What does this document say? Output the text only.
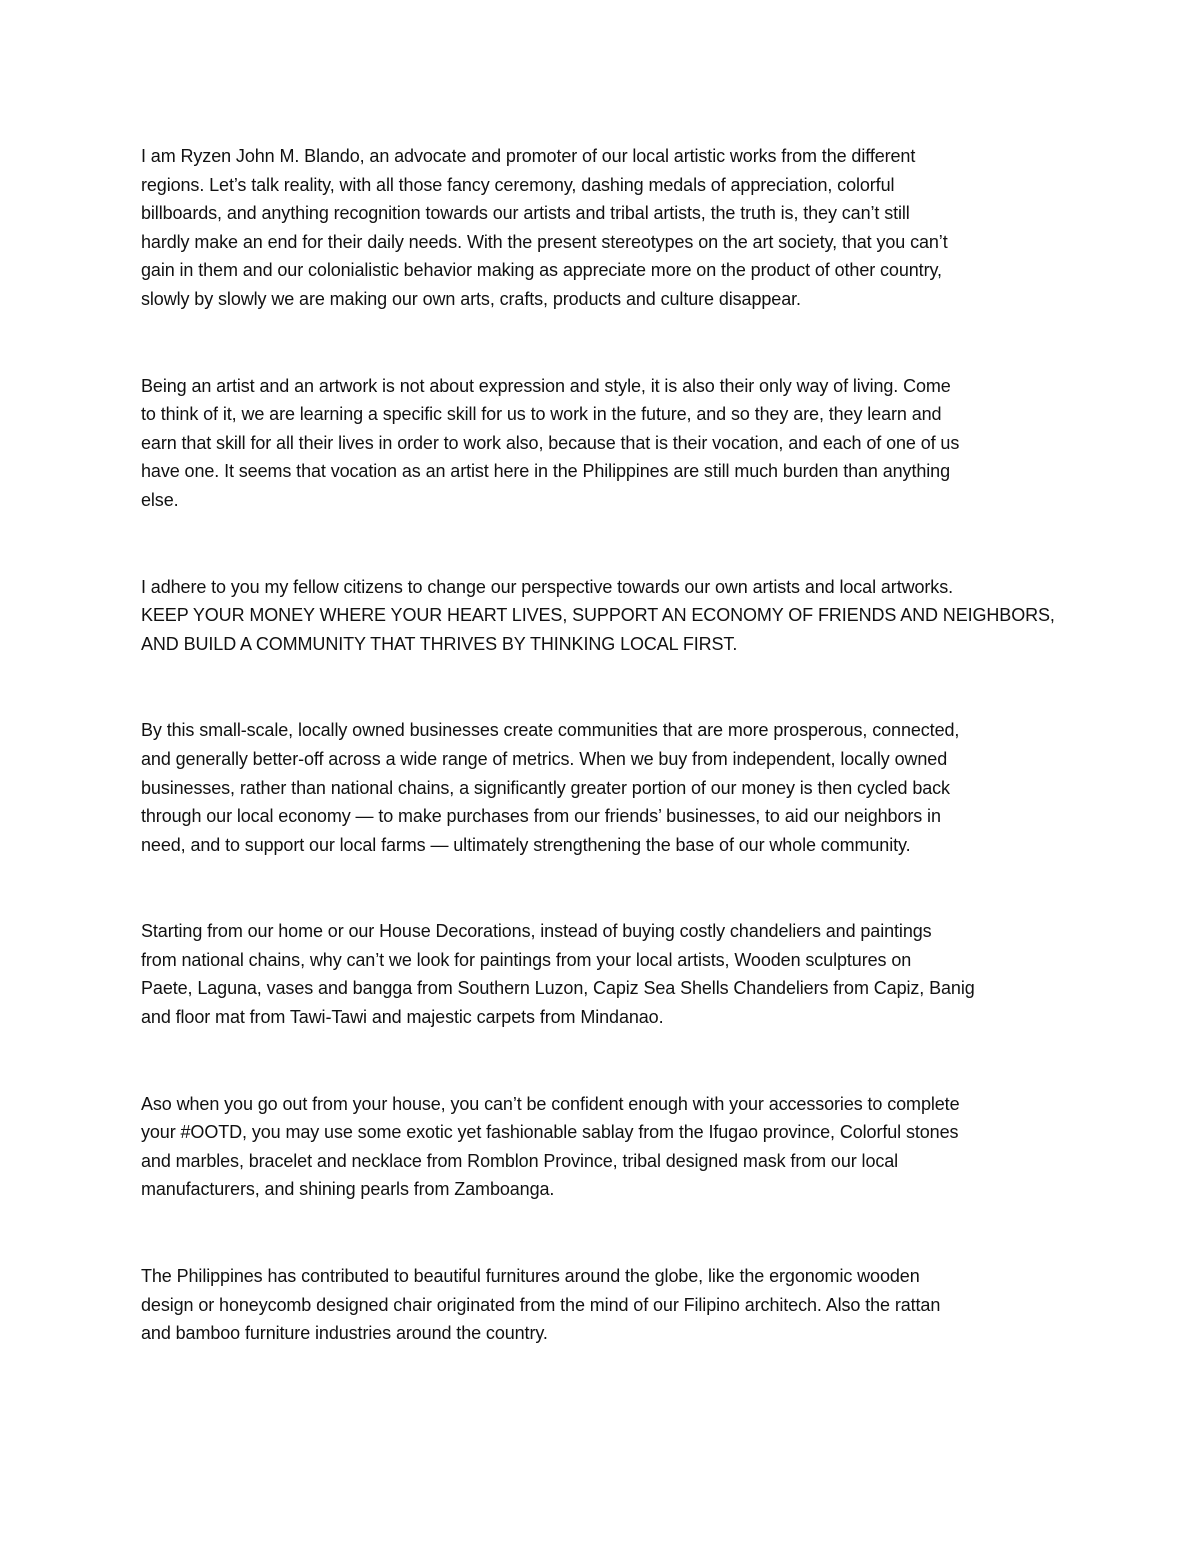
I am Ryzen John M. Blando, an advocate and promoter of our local artistic works from the different
regions. Let’s talk reality, with all those fancy ceremony, dashing medals of appreciation, colorful
billboards, and anything recognition towards our artists and tribal artists, the truth is, they can’t still
hardly make an end for their daily needs. With the present stereotypes on the art society, that you can’t
gain in them and our colonialistic behavior making as appreciate more on the product of other country,
slowly by slowly we are making our own arts, crafts, products and culture disappear.

Being an artist and an artwork is not about expression and style, it is also their only way of living. Come
to think of it, we are learning a specific skill for us to work in the future, and so they are, they learn and
earn that skill for all their lives in order to work also, because that is their vocation, and each of one of us
have one. It seems that vocation as an artist here in the Philippines are still much burden than anything
else.

I adhere to you my fellow citizens to change our perspective towards our own artists and local artworks.
KEEP YOUR MONEY WHERE YOUR HEART LIVES, SUPPORT AN ECONOMY OF FRIENDS AND NEIGHBORS,
AND BUILD A COMMUNITY THAT THRIVES BY THINKING LOCAL FIRST.

By this small-scale, locally owned businesses create communities that are more prosperous, connected,
and generally better-off across a wide range of metrics. When we buy from independent, locally owned
businesses, rather than national chains, a significantly greater portion of our money is then cycled back
through our local economy — to make purchases from our friends’ businesses, to aid our neighbors in
need, and to support our local farms — ultimately strengthening the base of our whole community.

Starting from our home or our House Decorations, instead of buying costly chandeliers and paintings
from national chains, why can’t we look for paintings from your local artists, Wooden sculptures on
Paete, Laguna, vases and bangga from Southern Luzon, Capiz Sea Shells Chandeliers from Capiz, Banig
and floor mat from Tawi-Tawi and majestic carpets from Mindanao.

Aso when you go out from your house, you can’t be confident enough with your accessories to complete
your #OOTD, you may use some exotic yet fashionable sablay from the Ifugao province, Colorful stones
and marbles, bracelet and necklace from Romblon Province, tribal designed mask from our local
manufacturers, and shining pearls from Zamboanga.

The Philippines has contributed to beautiful furnitures around the globe, like the ergonomic wooden
design or honeycomb designed chair originated from the mind of our Filipino architech. Also the rattan
and bamboo furniture industries around the country.
